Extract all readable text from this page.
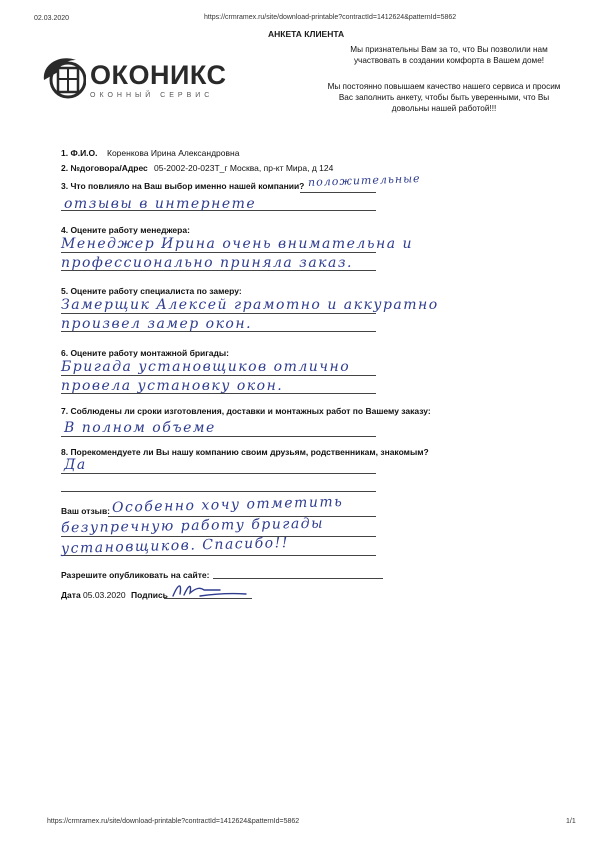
02.03.2020	https://crmramex.ru/site/download-printable?contractId=1412624&patternId=5862
АНКЕТА КЛИЕНТА
ОКОНИКС
ОКОННЫЙ СЕРВИС
Мы признательны Вам за то, что Вы позволили нам
участвовать в создании комфорта в Вашем доме!
Мы постоянно повышаем качество нашего сервиса и просим
Вас заполнить анкету, чтобы быть уверенными, что Вы
довольны нашей работой!!!
1. Ф.И.О. Коренкова Ирина Александровна
2. №договора/Адрес 05-2002-20-023Т_г Москва, пр-кт Мира, д 124
3. Что повлияло на Ваш выбор именно нашей компании? положительные
отзывы в интернете
4. Оцените работу менеджера:
Менеджер Ирина очень внимательна и
профессионально приняла заказ.
5. Оцените работу специалиста по замеру:
Замерщик Алексей грамотно и аккуратно
произвел замер окон.
6. Оцените работу монтажной бригады:
Бригада установщиков отлично
провела установку окон.
7. Соблюдены ли сроки изготовления, доставки и монтажных работ по Вашему заказу:
В полном объеме
8. Порекомендуете ли Вы нашу компанию своим друзьям, родственникам, знакомым?
Да
Ваш отзыв: Особенно хочу отметить
безупречную работу бригады
установщиков. Спасибо!!
Разрешите опубликовать на сайте:
Дата 05.03.2020 Подпись
https://crmramex.ru/site/download-printable?contractId=1412624&patternId=5862	1/1
